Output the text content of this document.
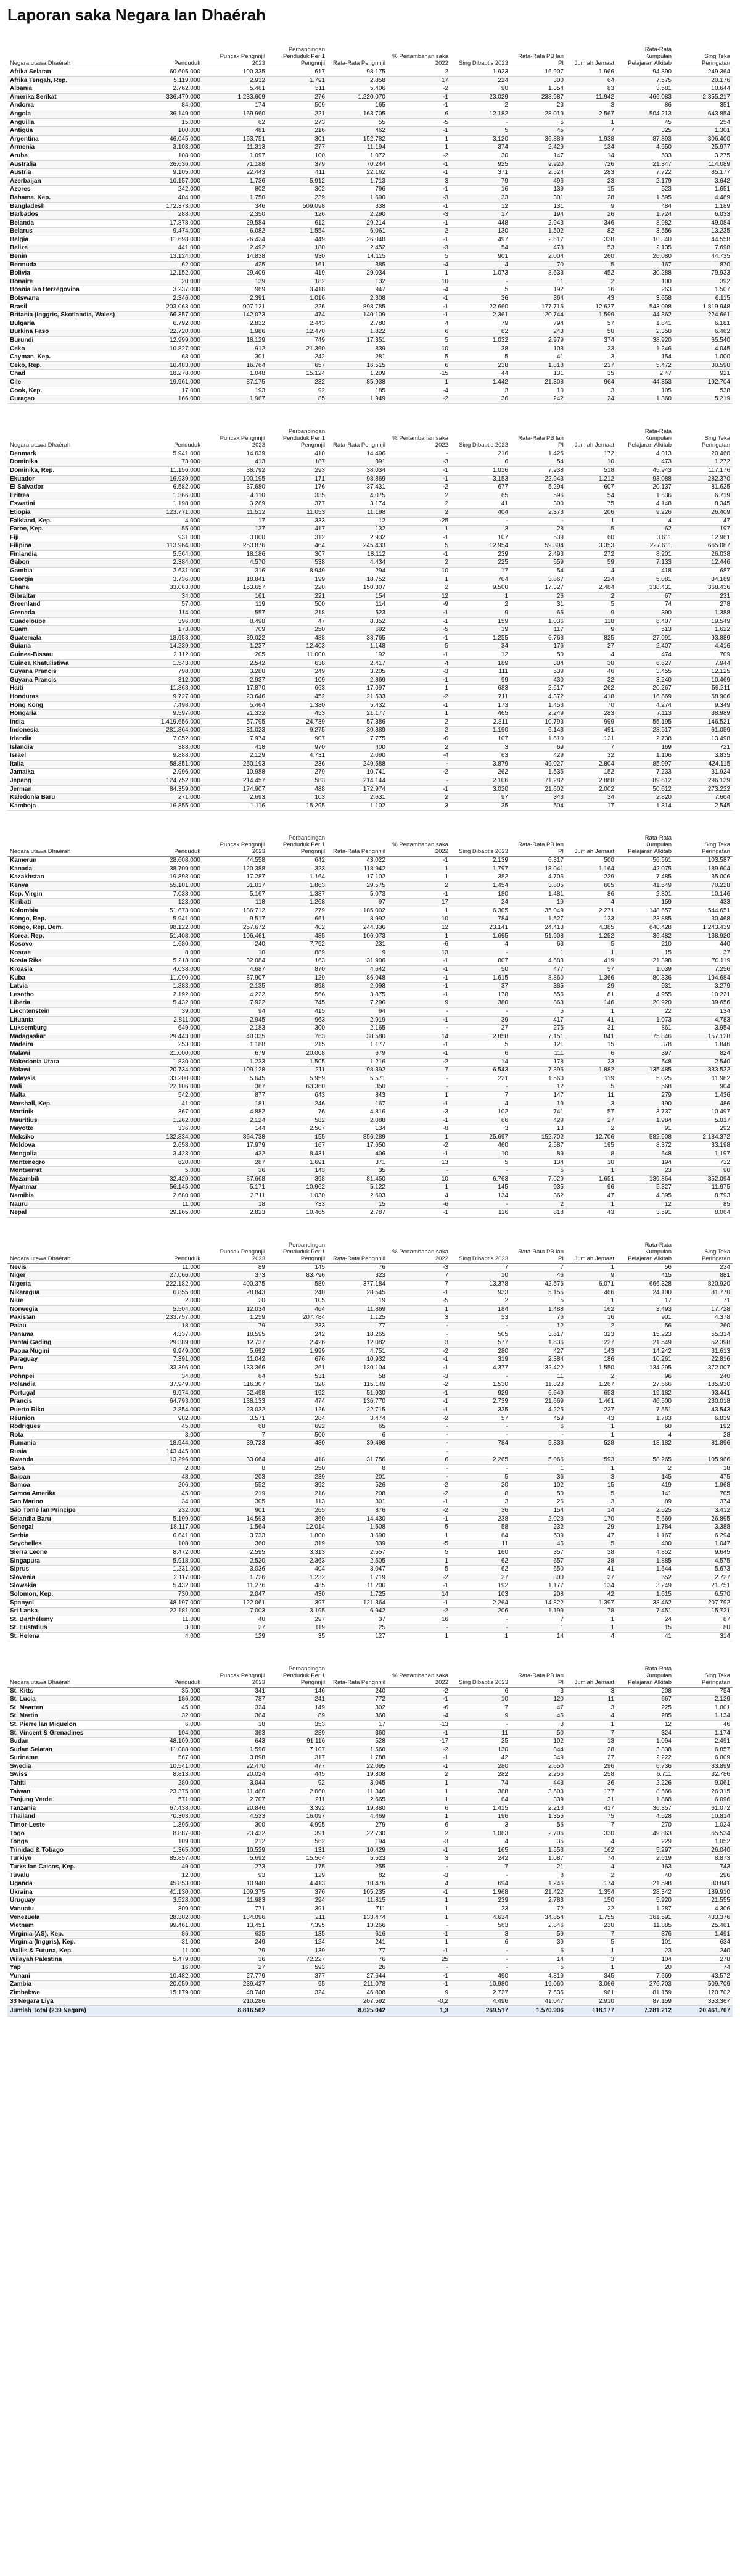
Laporan saka Negara lan Dhaérah
Negara utawa Dhaérah	Penduduk	Puncak Pengnnjil 2023	Perbandingan Penduduk Per 1 Pengnnjil	Rata-Rata Pengnnjil	% Pertambahan saka 2022	Sing Dibaptis 2023	Rata-Rata PB lan PI	Jumlah Jemaat	Rata-Rata Kumpulan Pelajaran Alkitab	Sing Teka Peringatan
Afrika Selatan	60.605.000	100.335	617	98.175	2	1.923	16.907	1.966	94.890	249.364
Afrika Tengah, Rep.	5.119.000	2.932	1.791	2.858	17	224	300	64	7.575	20.176
Albania	2.762.000	5.461	511	5.406	-2	90	1.354	83	3.581	10.644
Amerika Serikat	336.479.000	1.233.609	276	1.220.070	-1	23.029	238.987	11.942	466.083	2.355.217
Andorra	84.000	174	509	165	-1	2	23	3	86	351
Angola	36.149.000	169.960	221	163.705	6	12.182	28.019	2.567	504.213	643.854
Anguilla	15.000	62	273	55	-5	-	5	1	45	254
Antigua	100.000	481	216	462	-1	5	45	7	325	1.301
Argentina	46.045.000	153.751	301	152.782	1	3.120	36.889	1.938	87.893	306.400
Armenia	3.103.000	11.313	277	11.194	1	374	2.429	134	4.650	25.977
Aruba	108.000	1.097	100	1.072	-2	30	147	14	633	3.275
Australia	26.636.000	71.188	379	70.244	-1	925	9.920	726	21.347	114.089
Austria	9.105.000	22.443	411	22.162	-1	371	2.524	283	7.722	35.177
Azerbaijan	10.157.000	1.736	5.912	1.713	3	79	496	23	2.179	3.642
Azores	242.000	802	302	796	-1	16	139	15	523	1.651
Bahama, Kep.	404.000	1.750	239	1.690	-3	33	301	28	1.595	4.489
Bangladesh	172.373.000	346	509.098	338	-1	12	131	9	484	1.189
Barbados	288.000	2.350	126	2.290	-3	17	194	26	1.724	6.033
Belanda	17.878.000	29.584	612	29.214	-1	448	2.943	346	8.982	49.084
Belarus	9.474.000	6.082	1.554	6.061	2	130	1.502	82	3.556	13.235
Belgia	11.698.000	26.424	449	26.048	-1	497	2.617	338	10.340	44.558
Belize	441.000	2.492	180	2.452	-3	54	478	53	2.135	7.698
Benin	13.124.000	14.838	930	14.115	5	901	2.004	260	26.080	44.735
Bermuda	62.000	425	161	385	-4	4	70	5	167	870
Bolivia	12.152.000	29.409	419	29.034	1	1.073	8.633	452	30.288	79.933
Bonaire	20.000	139	182	132	10	-	11	2	100	392
Bosnia lan Herzegovina	3.237.000	969	3.418	947	-4	5	192	16	263	1.507
Botswana	2.346.000	2.391	1.016	2.308	-1	36	364	43	3.658	6.115
Brasil	203.063.000	907.121	226	898.785	-1	22.660	177.715	12.637	543.098	1.819.948
Britania (Inggris, Skotlandia, Wales)	66.357.000	142.073	474	140.109	-1	2.361	20.744	1.599	44.362	224.661
Bulgaria	6.792.000	2.832	2.443	2.780	4	79	794	57	1.841	6.181
Burkina Faso	22.720.000	1.986	12.470	1.822	6	82	243	50	2.350	6.462
Burundi	12.999.000	18.129	749	17.351	5	1.032	2.979	374	38.920	65.540
Ceko	10.827.000	912	21.360	839	10	38	103	23	1.246	4.045
Cayman, Kep.	68.000	301	242	281	5	5	41	3	154	1.000
Ceko, Rep.	10.483.000	16.764	657	16.515	6	238	1.818	217	5.472	30.590
Chad	18.278.000	1.048	15.124	1.209	-15	44	131	35	2.47	921
Cile	19.961.000	87.175	232	85.938	1	1.442	21.308	964	44.353	192.704
Cook, Kep.	17.000	193	92	185	-4	3	10	3	105	538
Curaçao	166.000	1.967	85	1.949	-2	36	242	24	1.360	5.219
Negara utawa Dhaérah	Penduduk	Puncak Pengnnjil 2023	Perbandingan Penduduk Per 1 Pengnnjil	Rata-Rata Pengnnjil	% Pertambahan saka 2022	Sing Dibaptis 2023	Rata-Rata PB lan PI	Jumlah Jemaat	Rata-Rata Kumpulan Pelajaran Alkitab	Sing Teka Peringatan
Denmark	5.941.000	14.639	410	14.496	-	216	1.425	172	4.013	20.460
Dominika	73.000	413	187	391	-3	6	54	10	473	1.272
Dominika, Rep.	11.156.000	38.792	293	38.034	-1	1.016	7.938	518	45.943	117.176
Ekuador	16.939.000	100.195	171	98.869	-1	3.153	22.943	1.212	93.088	282.370
El Salvador	6.582.000	37.680	176	37.431	-2	677	5.294	607	20.137	81.625
Eritrea	1.366.000	4.110	335	4.075	2	65	596	54	1.636	6.719
Eswatini	1.198.000	3.269	377	3.174	2	41	300	75	4.148	8.345
Etiopia	123.771.000	11.512	11.053	11.198	2	404	2.373	206	9.226	26.409
Falkland, Kep.	4.000	17	333	12	-25	-	-	1	4	47
Faroe, Kep.	55.000	137	417	132	1	3	28	5	62	197
Fiji	931.000	3.000	312	2.932	-1	107	539	60	3.611	12.961
Filipina	113.964.000	253.876	464	245.433	5	12.954	59.304	3.353	227.611	665.087
Finlandia	5.564.000	18.186	307	18.112	-1	239	2.493	272	8.201	26.038
Gabon	2.384.000	4.570	538	4.434	2	225	659	59	7.133	12.446
Gambia	2.631.000	316	8.949	294	10	17	54	4	418	687
Georgia	3.736.000	18.841	199	18.752	1	704	3.867	224	5.081	34.169
Ghana	33.063.000	153.657	220	150.307	2	9.500	17.327	2.484	338.431	368.436
Gibraltar	34.000	161	221	154	12	1	26	2	67	231
Greenland	57.000	119	500	114	-9	2	31	5	74	278
Grenada	114.000	557	218	523	-1	9	65	9	390	1.388
Guadeloupe	396.000	8.498	47	8.352	-1	159	1.036	118	6.407	19.549
Guam	173.000	709	250	692	-5	19	117	9	513	1.622
Guatemala	18.958.000	39.022	488	38.765	-1	1.255	6.768	825	27.091	93.889
Guiana	14.239.000	1.237	12.403	1.148	5	34	176	27	2.407	4.416
Guinea-Bissau	2.112.000	205	11.000	192	-1	12	50	4	474	709
Guinea Khatulistiwa	1.543.000	2.542	638	2.417	4	189	304	30	6.627	7.944
Guyana Prancis	798.000	3.280	249	3.205	-3	111	539	46	3.455	12.125
Guyana Prancis	312.000	2.937	109	2.869	-1	99	430	32	3.240	10.469
Haiti	11.868.000	17.870	663	17.097	1	683	2.617	262	20.267	59.211
Honduras	9.727.000	23.646	452	21.533	-2	711	4.372	418	16.669	58.906
Hong Kong	7.498.000	5.464	1.380	5.432	-1	173	1.453	70	4.274	9.349
Hongaria	9.597.000	21.332	453	21.177	1	465	2.249	283	7.113	38.989
India	1.419.656.000	57.795	24.739	57.386	2	2.811	10.793	999	55.195	146.521
Indonesia	281.864.000	31.023	9.275	30.389	2	1.190	6.143	491	23.517	61.059
Irlandia	7.052.000	7.974	907	7.775	-6	107	1.610	121	2.738	13.498
Islandia	388.000	418	970	400	2	3	69	7	169	721
Israel	9.888.000	2.129	4.731	2.090	-4	63	429	32	1.106	3.835
Italia	58.851.000	250.193	236	249.588	-	3.879	49.027	2.804	85.997	424.115
Jamaika	2.996.000	10.988	279	10.741	-2	262	1.535	152	7.233	31.924
Jepang	124.752.000	214.457	583	214.144	-	2.106	71.282	2.888	89.612	296.139
Jerman	84.359.000	174.907	488	172.974	-1	3.020	21.602	2.002	50.612	273.222
Kaledonia Baru	271.000	2.693	103	2.631	2	97	343	34	2.820	7.604
Kamboja	16.855.000	1.116	15.295	1.102	3	35	504	17	1.314	2.545
Negara utawa Dhaérah	Penduduk	Puncak Pengnnjil 2023	Perbandingan Penduduk Per 1 Pengnnjil	Rata-Rata Pengnnjil	% Pertambahan saka 2022	Sing Dibaptis 2023	Rata-Rata PB lan PI	Jumlah Jemaat	Rata-Rata Kumpulan Pelajaran Alkitab	Sing Teka Peringatan
Kamerun	28.608.000	44.558	642	43.022	-1	2.139	6.317	500	56.561	103.587
Kanada	38.709.000	120.388	323	118.942	1	1.797	18.041	1.164	42.075	189.604
Kazakhstan	19.893.000	17.287	1.164	17.102	1	382	4.706	229	7.485	35.006
Kenya	55.101.000	31.017	1.863	29.575	2	1.454	3.805	605	41.549	70.228
Kep. Virgin	7.038.000	5.167	1.387	5.073	-1	180	1.481	86	2.801	10.146
Kiribati	123.000	118	1.268	97	17	24	19	4	159	433
Kolombia	51.673.000	186.712	279	185.002	1	6.305	35.049	2.271	148.657	544.651
Kongo, Rep.	5.941.000	9.517	661	8.992	10	784	1.527	123	23.885	30.468
Kongo, Rep. Dem.	98.122.000	257.672	402	244.336	12	23.141	24.413	4.385	640.428	1.243.439
Korea, Rep.	51.408.000	106.461	485	106.073	1	1.695	51.908	1.252	36.482	138.920
Kosovo	1.680.000	240	7.792	231	-6	4	63	5	210	440
Kosrae	8.000	10	889	9	13	-	1	1	15	37
Kosta Rika	5.213.000	32.084	163	31.906	-1	807	4.683	419	21.398	70.119
Kroasia	4.038.000	4.687	870	4.642	-1	50	477	57	1.039	7.256
Kuba	11.090.000	87.907	129	86.048	-1	1.615	8.860	1.366	80.336	194.684
Latvia	1.883.000	2.135	898	2.098	-1	37	385	29	931	3.279
Lesotho	2.192.000	4.222	566	3.875	-1	178	556	81	4.955	10.221
Liberia	5.432.000	7.922	745	7.296	9	380	863	146	20.920	39.656
Liechtenstein	39.000	94	415	94	-	-	5	1	22	134
Lituania	2.811.000	2.945	963	2.919	-1	39	417	41	1.073	4.783
Luksemburg	649.000	2.183	300	2.165	-	27	275	31	861	3.954
Madagaskar	29.443.000	40.335	763	38.580	14	2.858	7.151	841	75.846	157.128
Madeira	253.000	1.188	215	1.177	-1	5	121	15	378	1.846
Malawi	21.000.000	679	20.008	679	-1	6	111	6	397	824
Makedonia Utara	1.830.000	1.233	1.505	1.216	-2	14	178	23	548	2.540
Malawi	20.734.000	109.128	211	98.392	7	6.543	7.396	1.882	135.485	333.532
Malaysia	33.200.000	5.645	5.959	5.571	-	221	1.560	119	5.025	11.982
Mali	22.106.000	367	63.360	350	-	-	12	5	568	904
Malta	542.000	877	643	843	1	7	147	11	279	1.436
Marshall, Kep.	41.000	181	246	167	-1	4	19	3	190	486
Martinik	367.000	4.882	76	4.816	-3	102	741	57	3.737	10.497
Mauritius	1.262.000	2.124	582	2.088	-1	66	429	27	1.984	5.017
Mayotte	336.000	144	2.507	134	-8	3	13	2	91	292
Meksiko	132.834.000	864.738	155	856.289	1	25.697	152.702	12.706	582.908	2.184.372
Moldova	2.658.000	17.979	167	17.650	-2	460	2.587	195	8.372	33.198
Mongolia	3.423.000	432	8.431	406	-1	10	89	8	648	1.197
Montenegro	620.000	287	1.691	371	13	5	134	10	194	732
Montserrat	5.000	36	143	35	-	-	5	1	23	90
Mozambik	32.420.000	87.668	398	81.450	10	6.763	7.029	1.651	139.864	352.094
Myanmar	56.145.000	5.171	10.962	5.122	1	145	935	96	5.327	11.975
Namibia	2.680.000	2.711	1.030	2.603	4	134	362	47	4.395	8.793
Nauru	11.000	18	733	15	-6	-	2	1	12	85
Nepal	29.165.000	2.823	10.465	2.787	-1	116	818	43	3.591	8.064
Negara utawa Dhaérah	Penduduk	Puncak Pengnnjil 2023	Perbandingan Penduduk Per 1 Pengnnjil	Rata-Rata Pengnnjil	% Pertambahan saka 2022	Sing Dibaptis 2023	Rata-Rata PB lan PI	Jumlah Jemaat	Rata-Rata Kumpulan Pelajaran Alkitab	Sing Teka Peringatan
Nevis	11.000	89	145	76	-3	7	7	1	56	234
Niger	27.066.000	373	83.796	323	7	10	46	9	415	881
Nigeria	222.182.000	400.375	589	377.184	7	13.378	42.575	6.071	666.328	820.920
Nikaragua	6.855.000	28.843	240	28.545	-1	933	5.155	466	24.100	81.770
Niue	2.000	20	105	19	-5	2	5	1	17	71
Norwegia	5.504.000	12.034	464	11.869	1	184	1.488	162	3.493	17.728
Pakistan	233.757.000	1.259	207.784	1.125	3	53	76	16	901	4.378
Palau	18.000	79	233	77	-	-	12	2	56	260
Panama	4.337.000	18.595	242	18.265	-	505	3.617	323	15.223	55.314
Pantai Gading	29.389.000	12.737	2.426	12.082	3	577	1.636	227	21.549	52.398
Papua Nugini	9.949.000	5.692	1.999	4.751	-2	280	427	143	14.242	31.613
Paraguay	7.391.000	11.042	676	10.932	-1	319	2.384	186	10.261	22.816
Peru	33.396.000	133.366	261	130.104	-1	4.377	32.422	1.550	134.295	372.007
Pohnpei	34.000	64	531	58	-3	-	11	2	96	240
Polandia	37.949.000	116.307	328	115.149	-2	1.530	11.323	1.267	27.666	185.930
Portugal	9.974.000	52.498	192	51.930	-1	929	6.649	653	19.182	93.441
Prancis	64.793.000	138.133	474	136.770	-1	2.739	21.669	1.461	46.500	230.018
Puerto Riko	2.854.000	23.032	126	22.715	-1	335	4.225	227	7.551	43.543
Réunion	982.000	3.571	284	3.474	-2	57	459	43	1.783	6.839
Rodrigues	45.000	68	692	65	-	-	6	1	60	192
Rota	3.000	7	500	6	-	-	-	1	4	28
Rumania	18.944.000	39.723	480	39.498	-	784	5.833	528	18.182	81.896
Rusia	143.445.000	...	...	...	-	...	...	...	...	...
Rwanda	13.296.000	33.664	418	31.756	6	2.265	5.066	593	58.265	105.966
Saba	2.000	8	250	8	-	-	1	1	2	18
Saipan	48.000	203	239	201	-	5	36	3	145	475
Samoa	206.000	552	392	526	-2	20	102	15	419	1.968
Samoa Amerika	45.000	219	216	208	-2	8	50	5	141	705
San Marino	34.000	305	113	301	-1	3	26	3	89	374
São Tomé lan Principe	232.000	901	265	876	-2	36	154	14	2.525	3.412
Selandia Baru	5.199.000	14.593	360	14.430	-1	238	2.023	170	5.669	26.895
Senegal	18.117.000	1.564	12.014	1.508	5	58	232	29	1.784	3.388
Serbia	6.641.000	3.733	1.800	3.690	1	64	539	47	1.167	6.294
Seychelles	108.000	360	319	339	-5	11	46	5	400	1.047
Sierra Leone	8.472.000	2.595	3.313	2.557	5	160	357	38	4.852	9.645
Singapura	5.918.000	2.520	2.363	2.505	1	62	657	38	1.885	4.575
Siprus	1.231.000	3.036	404	3.047	5	62	650	41	1.644	5.673
Slovenia	2.117.000	1.726	1.232	1.719	-2	27	300	27	652	2.727
Slowakia	5.432.000	11.276	485	11.200	-1	192	1.177	134	3.249	21.751
Solomon, Kep.	730.000	2.047	430	1.725	14	103	208	42	1.615	6.570
Spanyol	48.197.000	122.061	397	121.364	-1	2.264	14.822	1.397	38.462	207.792
Sri Lanka	22.181.000	7.003	3.195	6.942	-2	206	1.199	78	7.451	15.721
St. Barthélemy	11.000	40	297	37	16	-	7	1	24	87
St. Eustatius	3.000	27	119	25	-	-	1	1	15	80
St. Helena	4.000	129	35	127	1	1	14	4	41	314
Negara utawa Dhaérah	Penduduk	Puncak Pengnnjil 2023	Perbandingan Penduduk Per 1 Pengnnjil	Rata-Rata Pengnnjil	% Pertambahan saka 2022	Sing Dibaptis 2023	Rata-Rata PB lan PI	Jumlah Jemaat	Rata-Rata Kumpulan Pelajaran Alkitab	Sing Teka Peringatan
St. Kitts	35.000	341	146	240	-2	6	3	3	208	754
St. Lucia	186.000	787	241	772	-1	10	120	11	667	2.129
St. Maarten	45.000	324	149	302	-6	7	47	3	225	1.001
St. Martin	32.000	364	89	360	-4	9	46	4	285	1.134
St. Pierre lan Miquelon	6.000	18	353	17	-13	-	3	1	12	46
St. Vincent & Grenadines	104.000	363	289	360	-1	11	50	7	324	1.174
Sudan	48.109.000	643	91.116	528	-17	25	102	13	1.094	2.491
Sudan Selatan	11.088.000	1.596	7.107	1.560	-2	130	344	28	3.838	6.857
Suriname	567.000	3.898	317	1.788	-1	42	349	27	2.222	6.009
Swedia	10.541.000	22.470	477	22.095	-1	280	2.650	296	6.736	33.899
Swiss	8.813.000	20.024	445	19.808	2	282	2.256	258	6.711	32.786
Tahiti	280.000	3.044	92	3.045	1	74	443	36	2.226	9.061
Taiwan	23.375.000	11.460	2.060	11.346	1	368	3.603	177	8.666	26.315
Tanjung Verde	571.000	2.707	211	2.665	1	64	339	31	1.868	6.096
Tanzania	67.438.000	20.846	3.392	19.880	6	1.415	2.213	417	36.357	61.072
Thailand	70.303.000	4.533	16.097	4.469	1	196	1.355	75	4.528	10.814
Timor-Leste	1.395.000	300	4.995	279	6	3	56	7	270	1.024
Togo	8.887.000	23.432	391	22.730	2	1.063	2.706	330	49.863	65.534
Tonga	109.000	212	562	194	-3	4	35	4	229	1.052
Trinidad & Tobago	1.365.000	10.529	131	10.429	-1	165	1.553	162	5.297	26.040
Turkiye	85.857.000	5.692	15.564	5.523	3	242	1.087	74	2.619	8.873
Turks lan Caicos, Kep.	49.000	273	175	255	-	7	21	4	163	743
Tuvalu	12.000	93	129	82	-3	-	8	2	40	296
Uganda	45.853.000	10.940	4.413	10.476	4	694	1.246	174	21.598	30.841
Ukraina	41.130.000	109.375	376	105.235	-1	1.968	21.422	1.354	28.342	189.910
Uruguay	3.528.000	11.983	294	11.815	1	239	2.783	150	5.920	21.555
Vanuatu	309.000	771	391	711	1	23	72	22	1.287	4.306
Venezuela	28.302.000	134.096	211	133.474	1	4.634	34.854	1.755	161.591	433.376
Vietnam	99.461.000	13.451	7.395	13.266	-	563	2.846	230	11.885	25.461
Virginia (AS), Kep.	86.000	635	135	616	-1	3	59	7	376	1.491
Virginia (Inggris), Kep.	31.000	249	124	241	1	6	39	5	101	634
Wallis & Futuna, Kep.	11.000	79	139	77	-1	-	6	1	23	240
Wilayah Palestina	5.479.000	36	72.227	76	25	-	14	3	104	278
Yap	16.000	27	593	26	-	-	5	1	20	74
Yunani	10.482.000	27.779	377	27.644	-1	490	4.819	345	7.669	43.572
Zambia	20.059.000	239.427	95	211.078	-1	10.980	19.060	3.066	276.703	509.709
Zimbabwe	15.179.000	48.748	324	46.808	9	2.727	7.635	961	81.159	120.702
33 Negara Liya		210.286		207.592	-0,2	4.496	41.047	2.910	87.159	353.367
Jumlah Total (239 Negara)		8.816.562		8.625.042	1,3	269.517	1.570.906	118.177	7.281.212	20.461.767
